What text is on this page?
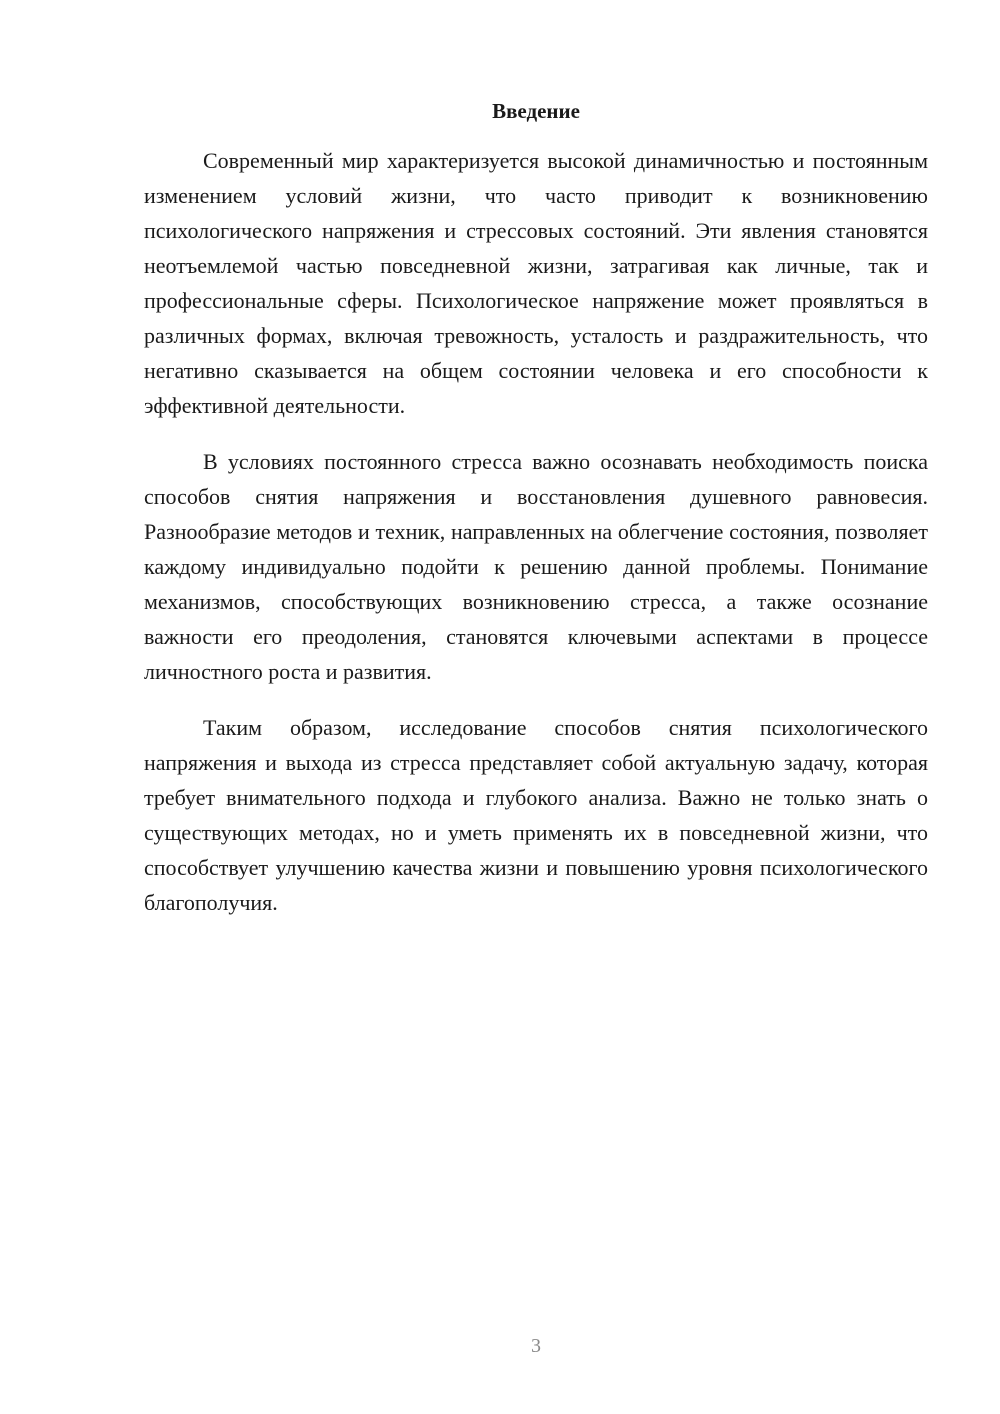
Введение

Современный мир характеризуется высокой динамичностью и постоянным изменением условий жизни, что часто приводит к возникновению психологического напряжения и стрессовых состояний. Эти явления становятся неотъемлемой частью повседневной жизни, затрагивая как личные, так и профессиональные сферы. Психологическое напряжение может проявляться в различных формах, включая тревожность, усталость и раздражительность, что негативно сказывается на общем состоянии человека и его способности к эффективной деятельности.

В условиях постоянного стресса важно осознавать необходимость поиска способов снятия напряжения и восстановления душевного равновесия. Разнообразие методов и техник, направленных на облегчение состояния, позволяет каждому индивидуально подойти к решению данной проблемы. Понимание механизмов, способствующих возникновению стресса, а также осознание важности его преодоления, становятся ключевыми аспектами в процессе личностного роста и развития.

Таким образом, исследование способов снятия психологического напряжения и выхода из стресса представляет собой актуальную задачу, которая требует внимательного подхода и глубокого анализа. Важно не только знать о существующих методах, но и уметь применять их в повседневной жизни, что способствует улучшению качества жизни и повышению уровня психологического благополучия.

3
